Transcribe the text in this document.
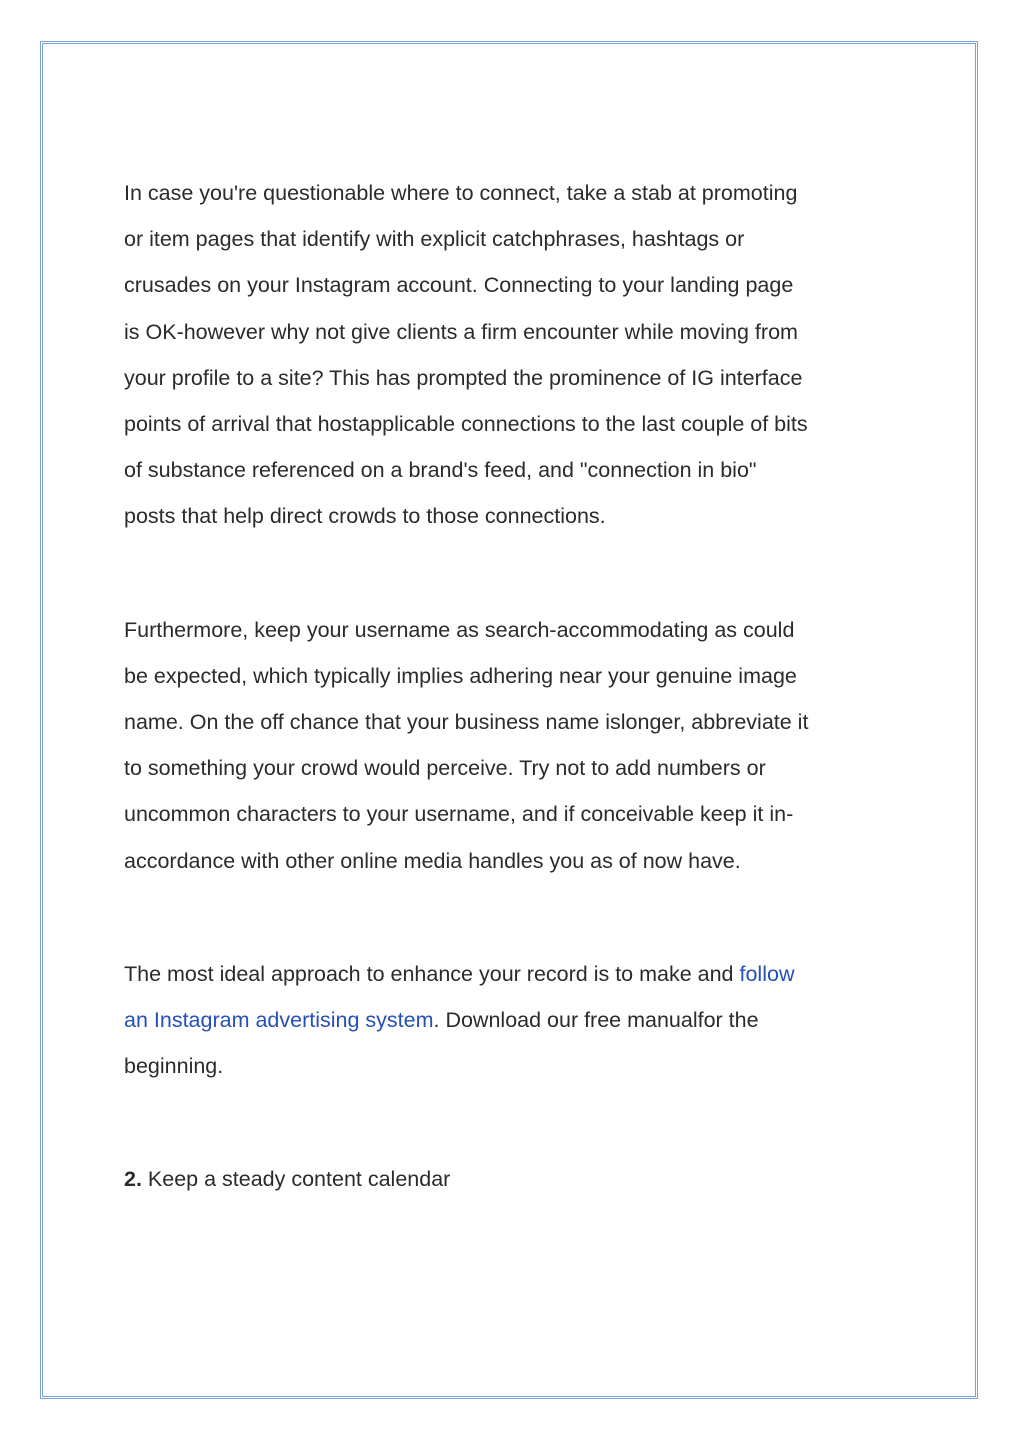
In case you're questionable where to connect, take a stab at promoting
or item pages that identify with explicit catchphrases, hashtags or
crusades on your Instagram account. Connecting to your landing page
is OK-however why not give clients a firm encounter while moving from
your profile to a site? This has prompted the prominence of IG interface
points of arrival that hostapplicable connections to the last couple of bits
of substance referenced on a brand's feed, and "connection in bio"
posts that help direct crowds to those connections.

Furthermore, keep your username as search-accommodating as could
be expected, which typically implies adhering near your genuine image
name. On the off chance that your business name islonger, abbreviate it
to something your crowd would perceive. Try not to add numbers or
uncommon characters to your username, and if conceivable keep it in-
accordance with other online media handles you as of now have.

The most ideal approach to enhance your record is to make and follow
an Instagram advertising system. Download our free manualfor the
beginning.

2. Keep a steady content calendar
